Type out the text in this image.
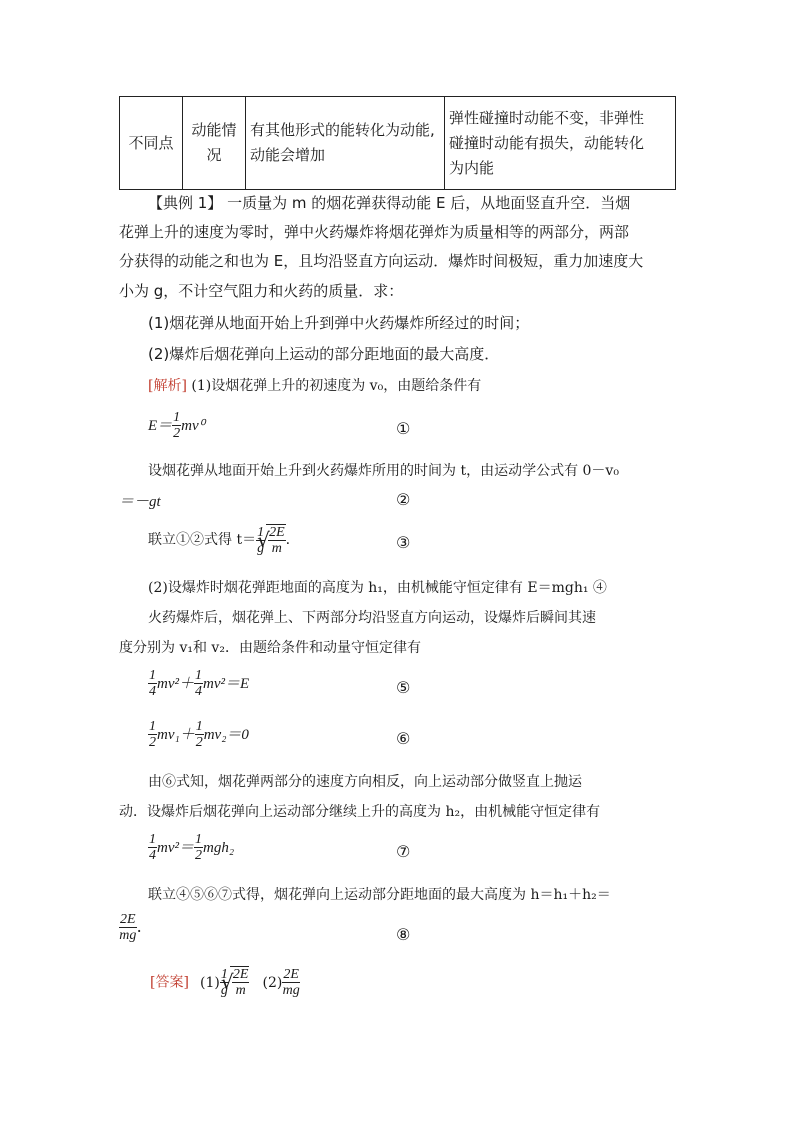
不同点	
动能情
况

有其他形式的能转化为动能,
动能会增加

弹性碰撞时动能不变，非弹性
碰撞时动能有损失，动能转化
为内能
【典例 1】 一质量为 m 的烟花弹获得动能 E 后，从地面竖直升空．当烟
花弹上升的速度为零时，弹中火药爆炸将烟花弹炸为质量相等的两部分，两部
分获得的动能之和也为 E，且均沿竖直方向运动．爆炸时间极短，重力加速度大
小为 g，不计空气阻力和火药的质量．求：
(1)烟花弹从地面开始上升到弹中火药爆炸所经过的时间；
(2)爆炸后烟花弹向上运动的部分距地面的最大高度．
[解析] (1)设烟花弹上升的初速度为 v₀，由题给条件有
$E= \frac{1}{2} mv^0$	①
设烟花弹从地面开始上升到火药爆炸所用的时间为 t，由运动学公式有 0－v₀
＝－gt	②
联立①②式得 $t= \frac{1}{g}$ √ $\frac{2E}{m}$ .	③
(2)设爆炸时烟花弹距地面的高度为 h₁，由机械能守恒定律有 E＝mgh₁ ④
火药爆炸后，烟花弹上、下两部分均沿竖直方向运动，设爆炸后瞬间其速
度分别为 v₁和 v₂．由题给条件和动量守恒定律有
$\frac{1}{4} mv^2+ \frac{1}{4} mv^2=E$	⑤
$\frac{1}{2} mv_1+ \frac{1}{2} mv_2=0$	⑥
由⑥式知，烟花弹两部分的速度方向相反，向上运动部分做竖直上抛运
动．设爆炸后烟花弹向上运动部分继续上升的高度为 h₂，由机械能守恒定律有
$\frac{1}{4} mv^2= \frac{1}{2} mgh_2$	⑦
联立④⑤⑥⑦式得，烟花弹向上运动部分距地面的最大高度为 h＝h₁＋h₂＝
$\frac{2E}{mg}$ .	⑧
[答案] $(1) \frac{1}{g}$ √ $\frac{2E}{m} (2) \frac{2E}{mg}$
